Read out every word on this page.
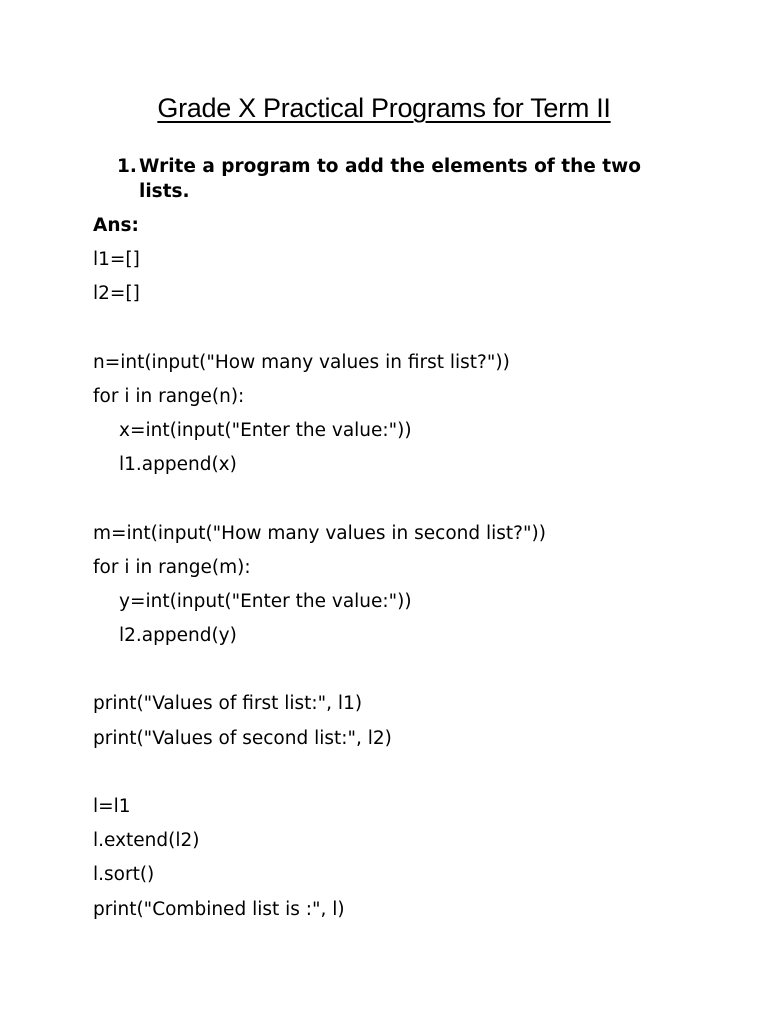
Grade X Practical Programs for Term II
1. Write a program to add the elements of the two lists.
Ans:
l1=[]
l2=[]
n=int(input("How many values in first list?"))
for i in range(n):
x=int(input("Enter the value:"))
l1.append(x)
m=int(input("How many values in second list?"))
for i in range(m):
y=int(input("Enter the value:"))
l2.append(y)
print("Values of first list:", l1)
print("Values of second list:", l2)
l=l1
l.extend(l2)
l.sort()
print("Combined list is :", l)
